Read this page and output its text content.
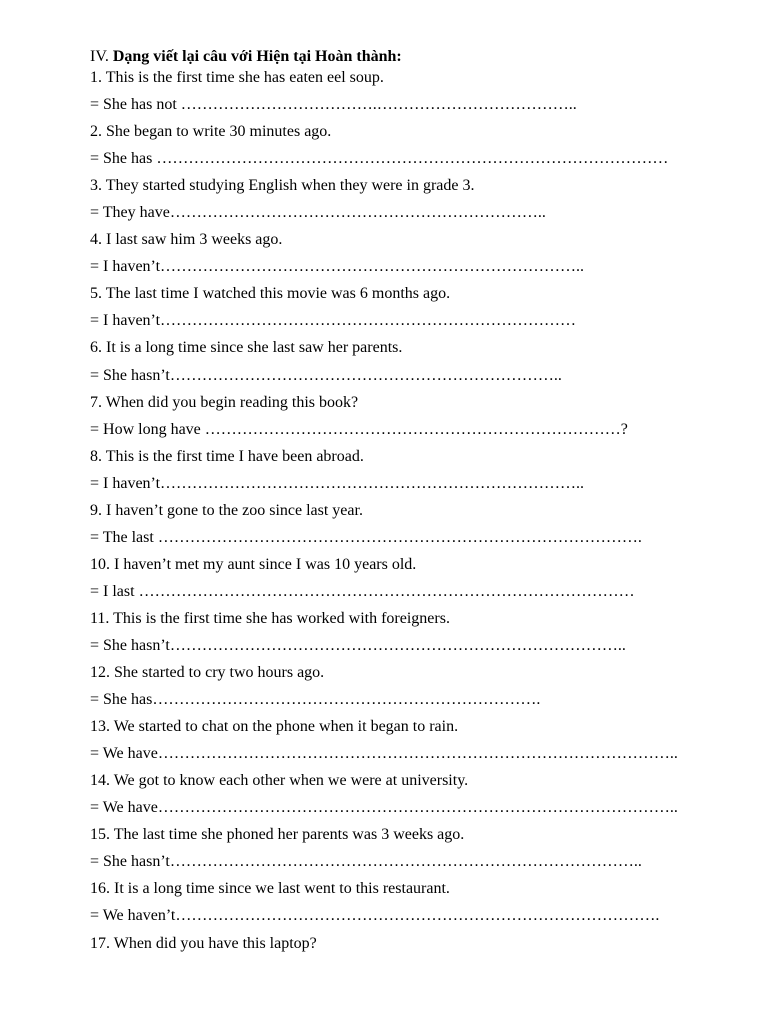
IV. Dạng viết lại câu với Hiện tại Hoàn thành:
1. This is the first time she has eaten eel soup.
= She has not ……………………………….………………………………..
2. She began to write 30 minutes ago.
= She has ……………………………………………………………………………………
3. They started studying English when they were in grade 3.
= They have……………………………………………………………..
4. I last saw him 3 weeks ago.
= I haven’t……………………………………………………………………..
5. The last time I watched this movie was 6 months ago.
= I haven’t……………………………………………………………………
6. It is a long time since she last saw her parents.
= She hasn’t………………………………………………………………..
7. When did you begin reading this book?
= How long have ……………………………………………………………………?
8. This is the first time I have been abroad.
= I haven’t……………………………………………………………………..
9. I haven’t gone to the zoo since last year.
= The last ……………………………………………………………………………….
10. I haven’t met my aunt since I was 10 years old.
= I last …………………………………………………………………………………
11. This is the first time she has worked with foreigners.
= She hasn’t…………………………………………………………………………..
12. She started to cry two hours ago.
= She has……………………………………………………………….
13. We started to chat on the phone when it began to rain.
= We have……………………………………………………………………………………..
14. We got to know each other when we were at university.
= We have……………………………………………………………………………………..
15. The last time she phoned her parents was 3 weeks ago.
= She hasn’t……………………………………………………………………………..
16. It is a long time since we last went to this restaurant.
= We haven’t……………………………………………………………………………….
17. When did you have this laptop?
